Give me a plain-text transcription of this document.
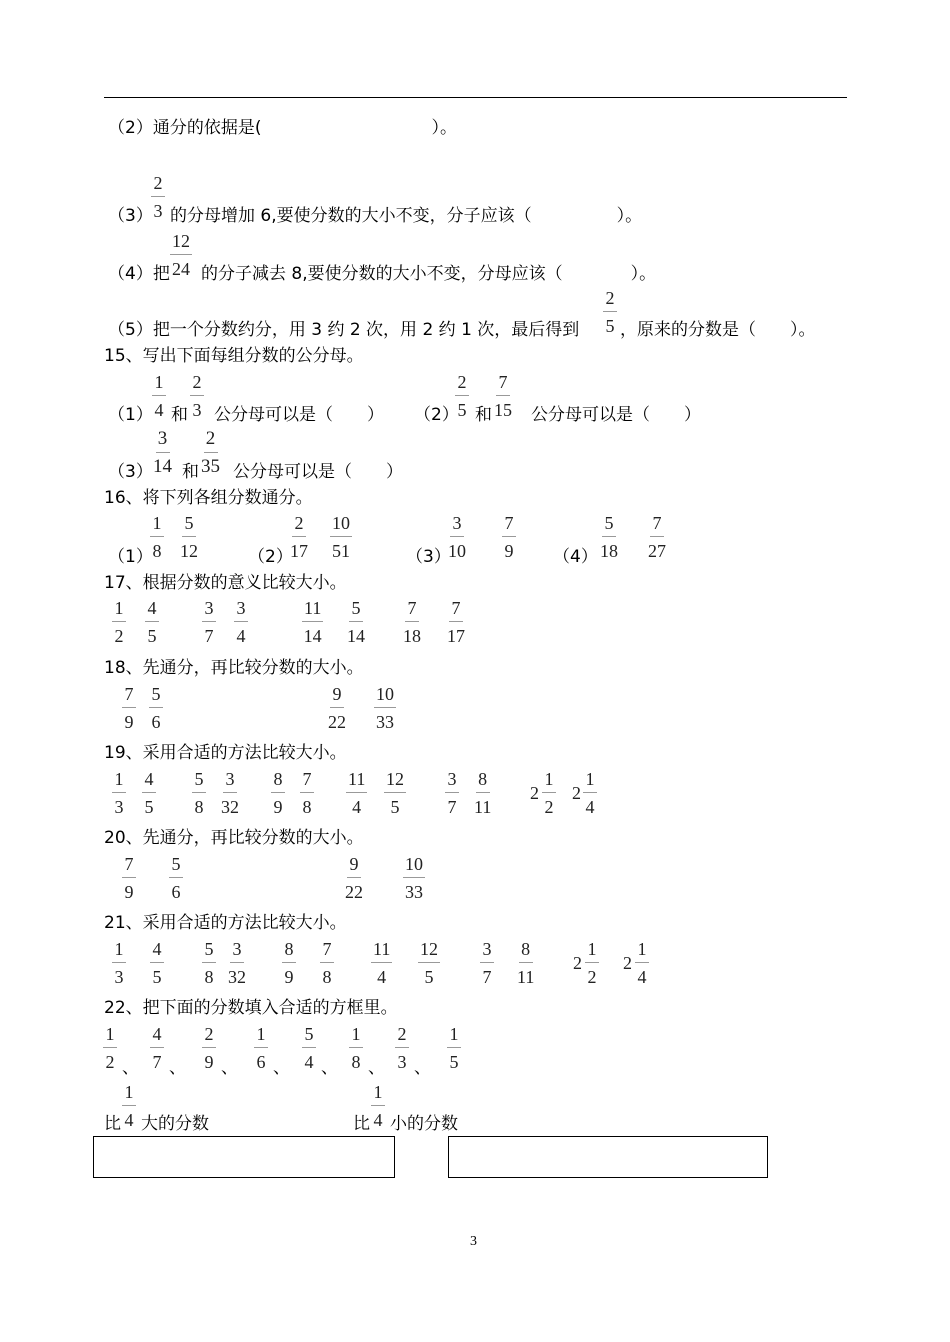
（2）通分的依据是(　　　　　　　　　　）。
（3）
$\frac{2}{3}$ 的分母增加 6,要使分数的大小不变，分子应该（　　　　　）。
（4）把 $\frac{12}{24}$ 的分子减去 8,要使分数的大小不变，分母应该（　　　　）。
（5）把一个分数约分，用 3 约 2 次，用 2 约 1 次，最后得到 $\frac{2}{5}$ ，原来的分数是（　　）。
15、写出下面每组分数的公分母。
$(1) \frac{1}{4}$ 和 $\frac{2}{3}$ 公分母可以是（　　） （2）
$\frac{2}{5}$ 和 $\frac{7}{15}$ 公分母可以是（　　）
$(3) \frac{3}{14}$ 和 $\frac{2}{35}$ 公分母可以是（　　）
16、将下列各组分数通分。
（1）	（2）	（3）	（4）
$\frac{1}{8} \frac{5}{12}$	$\frac{2}{17} \frac{10}{51}$	$\frac{3}{10} \frac{7}{9}$	$\frac{5}{18} \frac{7}{27}$
17、根据分数的意义比较大小。
$\frac{1}{2} \frac{4}{5} \frac{3}{7} \frac{3}{4}$	$\frac{11}{14} \frac{5}{14} \frac{7}{18} \frac{7}{17}$
18、先通分，再比较分数的大小。
$\frac{7}{9} \frac{5}{6}$	$\frac{9}{22} \frac{10}{33}$
19、采用合适的方法比较大小。
$\frac{1}{3} \frac{4}{5} \frac{5}{8} \frac{3}{32} \frac{8}{9} \frac{7}{8} \frac{11}{4} \frac{12}{5} \frac{3}{7} \frac{8}{11}$	$\frac{1}{2} \frac{1}{4}$
2 2
20、先通分，再比较分数的大小。
$\frac{7}{9} \frac{5}{6}$	$\frac{9}{22} \frac{10}{33}$
21、采用合适的方法比较大小。
$\frac{1}{3} \frac{4}{5} \frac{5}{8} \frac{3}{32} \frac{8}{9} \frac{7}{8} \frac{11}{4} \frac{12}{5} \frac{3}{7} \frac{8}{11}$	$\frac{1}{2} \frac{1}{4}$
2 2
22、把下面的分数填入合适的方框里。
$\frac{1}{2}$ 、 $\frac{4}{7}$ 、 $\frac{2}{9}$ 、 $\frac{1}{6}$ 、 $\frac{5}{4}$ 、 $\frac{1}{8}$ 、 $\frac{2}{3}$ 、 $\frac{1}{5}$
比 $\frac{1}{4}$ 大的分数	比 $\frac{1}{4}$ 小的分数
3
